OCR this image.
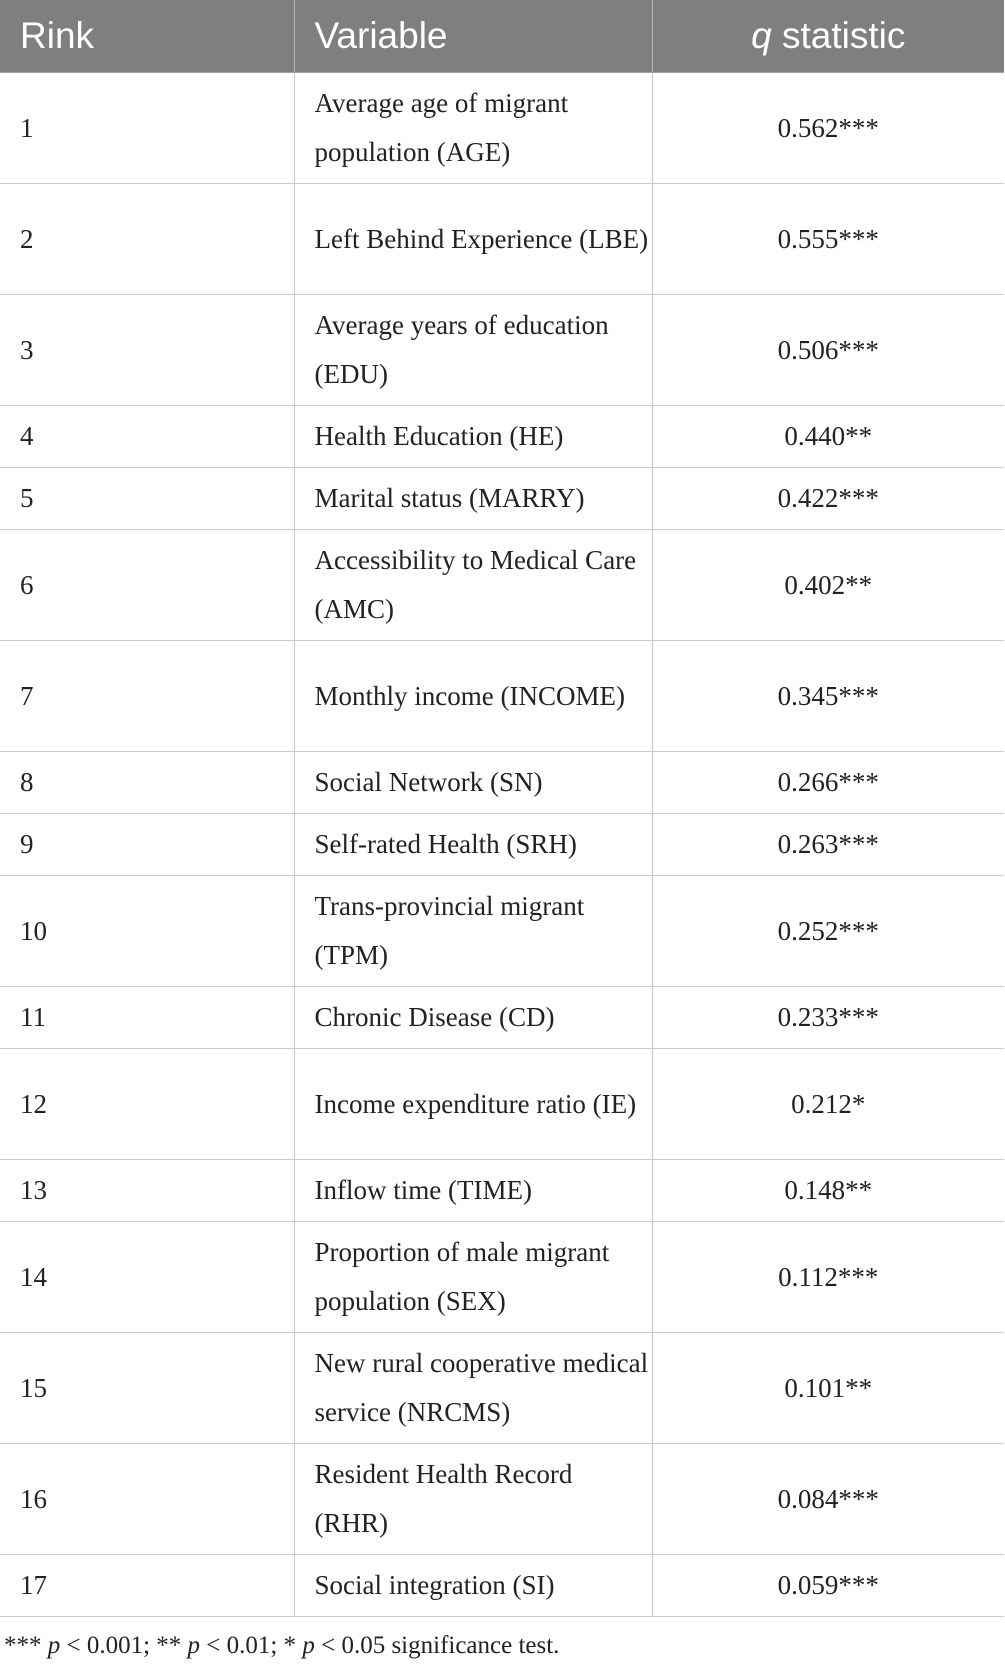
Rink	Variable	q statistic
1	Average age of migrant population (AGE)	0.562***
2	Left Behind Experience (LBE)	0.555***
3	Average years of education (EDU)	0.506***
4	Health Education (HE)	0.440**
5	Marital status (MARRY)	0.422***
6	Accessibility to Medical Care (AMC)	0.402**
7	Monthly income (INCOME)	0.345***
8	Social Network (SN)	0.266***
9	Self-rated Health (SRH)	0.263***
10	Trans-provincial migrant (TPM)	0.252***
11	Chronic Disease (CD)	0.233***
12	Income expenditure ratio (IE)	0.212*
13	Inflow time (TIME)	0.148**
14	Proportion of male migrant population (SEX)	0.112***
15	New rural cooperative medical service (NRCMS)	0.101**
16	Resident Health Record (RHR)	0.084***
17	Social integration (SI)	0.059***
*** p < 0.001; ** p < 0.01; * p < 0.05 significance test.
